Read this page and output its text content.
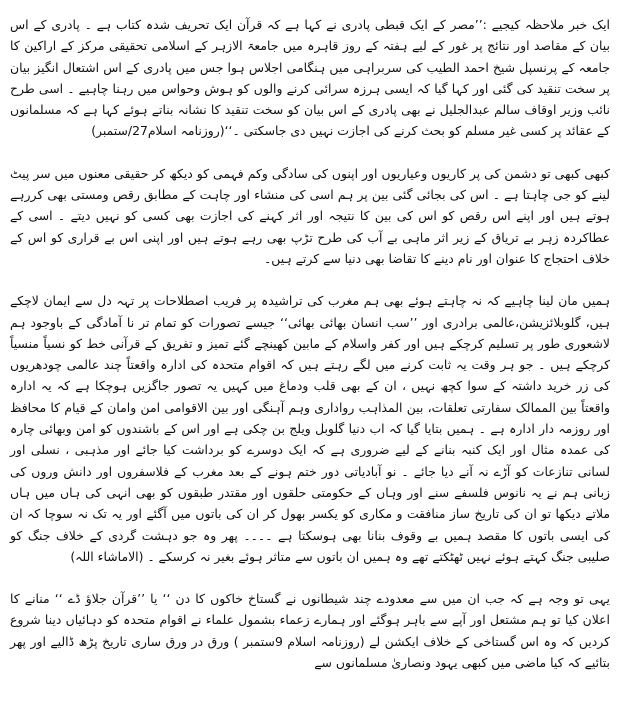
ایک خبر ملاحظہ کیجیے :’’مصر کے ایک قبطی پادری نے کہا ہے کہ قرآن ایک تحریف شدہ کتاب ہے ۔ پادری کے اس بیان کے مقاصد اور نتائج پر غور کے لیے ہفتہ کے روز قاہرہ میں جامعۃ الازہر کے اسلامی تحقیقی مرکز کے اراکین کا جامعہ کے پرنسپل شیخ احمد الطیب کی سربراہی میں ہنگامی اجلاس ہوا جس میں پادری کے اس اشتعال انگیز بیان پر سخت تنقید کی گئی اور کہا گیا کہ ایسی ہرزہ سرائی کرنے والوں کو ہوش وحواس میں رہنا چاہیے ۔ اسی طرح نائب وزیر اوقاف سالم عبدالجلیل نے بھی پادری کے اس بیان کو سخت تنقید کا نشانہ بناتے ہوئے کہا ہے کہ مسلمانوں کے عقائد پر کسی غیر مسلم کو بحث کرنے کی اجازت نہیں دی جاسکتی ۔‘‘(روزنامہ اسلام27/ستمبر)

کبھی کبھی تو دشمن کی پر کاریوں وعیاریوں اور اپنوں کی سادگی وکم فہمی کو دیکھ کر حقیقی معنوں میں سر پیٹ لینے کو جی چاہتا ہے ۔ اس کی بجائی گئی بین پر ہم اسی کی منشاء اور چاہت کے مطابق رقص ومستی بھی کررہے ہوتے ہیں اور اپنے اس رقص کو اس کی بین کا نتیجہ اور اثر کہنے کی اجازت بھی کسی کو نہیں دیتے ۔ اسی کے عطاکردہ زہر بے تریاق کے زیر اثر ماہی بے آب کی طرح تڑپ بھی رہے ہوتے ہیں اور اپنی اس بے قراری کو اس کے خلاف احتجاج کا عنوان اور نام دینے کا تقاضا بھی دنیا سے کرتے ہیں۔

ہمیں مان لینا چاہیے کہ نہ چاہتے ہوئے بھی ہم مغرب کی تراشیدہ پر فریب اصطلاحات پر تہہ دل سے ایمان لاچکے ہیں، گلوبلائزیشن،عالمی برادری اور ’’سب انسان بھائی بھائی‘‘ جیسے تصورات کو تمام تر نا آمادگی کے باوجود ہم لاشعوری طور پر تسلیم کرچکے ہیں اور کفر واسلام کے مابین کھینچے گئے تمیز و تفریق کے قرآنی خط کو نسیاً منسیاً کرچکے ہیں ۔ جو ہر وقت یہ ثابت کرنے میں لگے رہتے ہیں کہ اقوام متحدہ کی ادارہ واقعتاً چند عالمی چودھریوں کی زر خرید داشتہ کے سوا کچھ نہیں ، ان کے بھی قلب ودماغ میں کہیں یہ تصور جاگزیں ہوچکا ہے کہ یہ ادارہ واقعتاً بین الممالک سفارتی تعلقات، بین المذاہب رواداری وہم آہنگی اور بین الاقوامی امن وامان کے قیام کا محافظ اور روزمہ دار ادارہ ہے ۔ ہمیں بتایا گیا کہ اب دنیا گلوبل ویلج بن چکی ہے اور اس کے باشندوں کو امن وبھائی چارہ کی عمدہ مثال اور ایک کنبہ بنانے کے لیے ضروری ہے کہ ایک دوسرے کو برداشت کیا جائے اور مذہبی ، نسلی اور لسانی تنازعات کو آڑے نہ آنے دیا جائے ۔ نو آبادیاتی دور ختم ہونے کے بعد مغرب کے فلاسفروں اور دانش وروں کی زبانی ہم نے یہ نانوس فلسفے سنے اور وہاں کے حکومتی حلقوں اور مقتدر طبقوں کو بھی انہی کی ہاں میں ہاں ملاتے دیکھا تو ان کی تاریخ ساز منافقت و مکاری کو یکسر بھول کر ان کی باتوں میں آگئے اور یہ تک نہ سوچا کہ ان کی ایسی باتوں کا مقصد ہمیں بے وقوف بنانا بھی ہوسکتا ہے ۔۔۔۔ پھر وہ جو دہشت گردی کے خلاف جنگ کو صلیبی جنگ کہتے ہوئے نہیں ٹھٹکتے تھے وہ ہمیں ان باتوں سے متاثر ہوئے بغیر نہ کرسکے ۔ (الاماشاء اللہ)

یہی تو وجہ ہے کہ جب ان میں سے معدودے چند شیطانوں نے گستاخ خاکوں کا دن ‘‘ یا ’’قرآن جلاؤ ڈے ‘‘ منانے کا اعلان کیا تو ہم مشتعل اور آپے سے باہر ہوگئے اور ہمارے زعماء بشمول علماء نے اقوام متحدہ کو دہائیاں دینا شروع کردیں کہ وہ اس گستاخی کے خلاف ایکشن لے (روزنامہ اسلام 9ستمبر ) ورق در ورق ساری تاریخ پڑھ ڈالیے اور پھر بتائیے کہ کیا ماضی میں کبھی یہود ونصاریٰ مسلمانوں سے
